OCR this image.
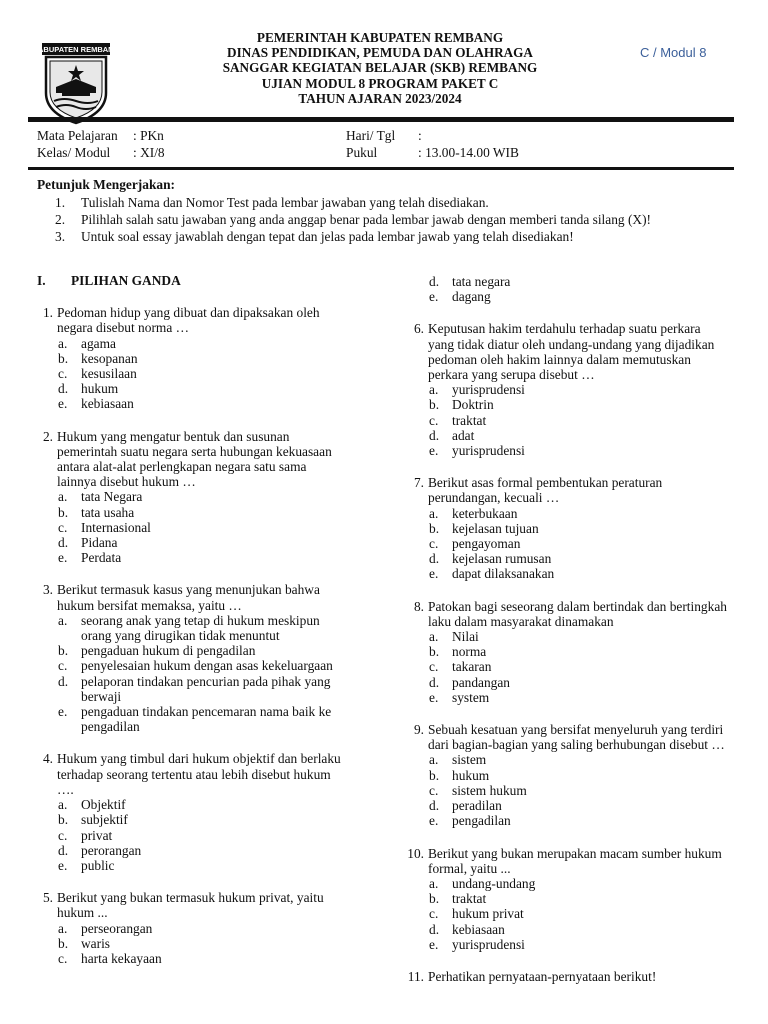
KABUPATEN REMBANG
PEMERINTAH KABUPATEN REMBANG
DINAS PENDIDIKAN, PEMUDA DAN OLAHRAGA
SANGGAR KEGIATAN BELAJAR (SKB) REMBANG
UJIAN MODUL 8 PROGRAM PAKET C
TAHUN AJARAN 2023/2024
C / Modul 8
Mata Pelajaran : PKn
Kelas/ Modul : XI/8
Hari/ Tgl :
Pukul	: 13.00-14.00 WIB
Petunjuk Mengerjakan:
1.	Tulislah Nama dan Nomor Test pada lembar jawaban yang telah disediakan.
2.	Pilihlah salah satu jawaban yang anda anggap benar pada lembar jawab dengan memberi tanda silang (X)!
3.	Untuk soal essay jawablah dengan tepat dan jelas pada lembar jawab yang telah disediakan!
I. PILIHAN GANDA
1. Pedoman hidup yang dibuat dan dipaksakan oleh negara disebut norma …
a.	agama
b. kesopanan
c.	kesusilaan
d. hukum
e.	kebiasaan
2. Hukum yang mengatur bentuk dan susunan pemerintah suatu negara serta hubungan kekuasaan antara alat-alat perlengkapan negara satu sama lainnya disebut hukum …
a.	tata Negara
b. tata usaha
c.	Internasional
d. Pidana
e.	Perdata
3. Berikut termasuk kasus yang menunjukan bahwa hukum bersifat memaksa, yaitu …
a.	seorang anak yang tetap di hukum meskipun orang yang dirugikan tidak menuntut
b. pengaduan hukum di pengadilan
c.	penyelesaian hukum dengan asas kekeluargaan
d. pelaporan tindakan pencurian pada pihak yang berwaji
e.	pengaduan tindakan pencemaran nama baik ke pengadilan
4. Hukum yang timbul dari hukum objektif dan berlaku terhadap seorang tertentu atau lebih disebut hukum ….
a.	Objektif
b. subjektif
c.	privat
d. perorangan
e.	public
5. Berikut yang bukan termasuk hukum privat, yaitu hukum ...
a.	perseorangan
b. waris
c.	harta kekayaan
d. tata negara
e.	dagang
6. Keputusan hakim terdahulu terhadap suatu perkara yang tidak diatur oleh undang-undang yang dijadikan pedoman oleh hakim lainnya dalam memutuskan perkara yang serupa disebut …
a.	yurisprudensi
b. Doktrin
c.	traktat
d. adat
e.	yurisprudensi
7. Berikut asas formal pembentukan peraturan perundangan, kecuali …
a.	keterbukaan
b. kejelasan tujuan
c.	pengayoman
d. kejelasan rumusan
e.	dapat dilaksanakan
8. Patokan bagi seseorang dalam bertindak dan bertingkah laku dalam masyarakat dinamakan
a.	Nilai
b. norma
c.	takaran
d. pandangan
e.	system
9. Sebuah kesatuan yang bersifat menyeluruh yang terdiri dari bagian-bagian yang saling berhubungan disebut …
a.	sistem
b. hukum
c.	sistem hukum
d. peradilan
e.	pengadilan
10. Berikut yang bukan merupakan macam sumber hukum formal, yaitu ...
a.	undang-undang
b. traktat
c.	hukum privat
d. kebiasaan
e.	yurisprudensi
11. Perhatikan pernyataan-pernyataan berikut!
